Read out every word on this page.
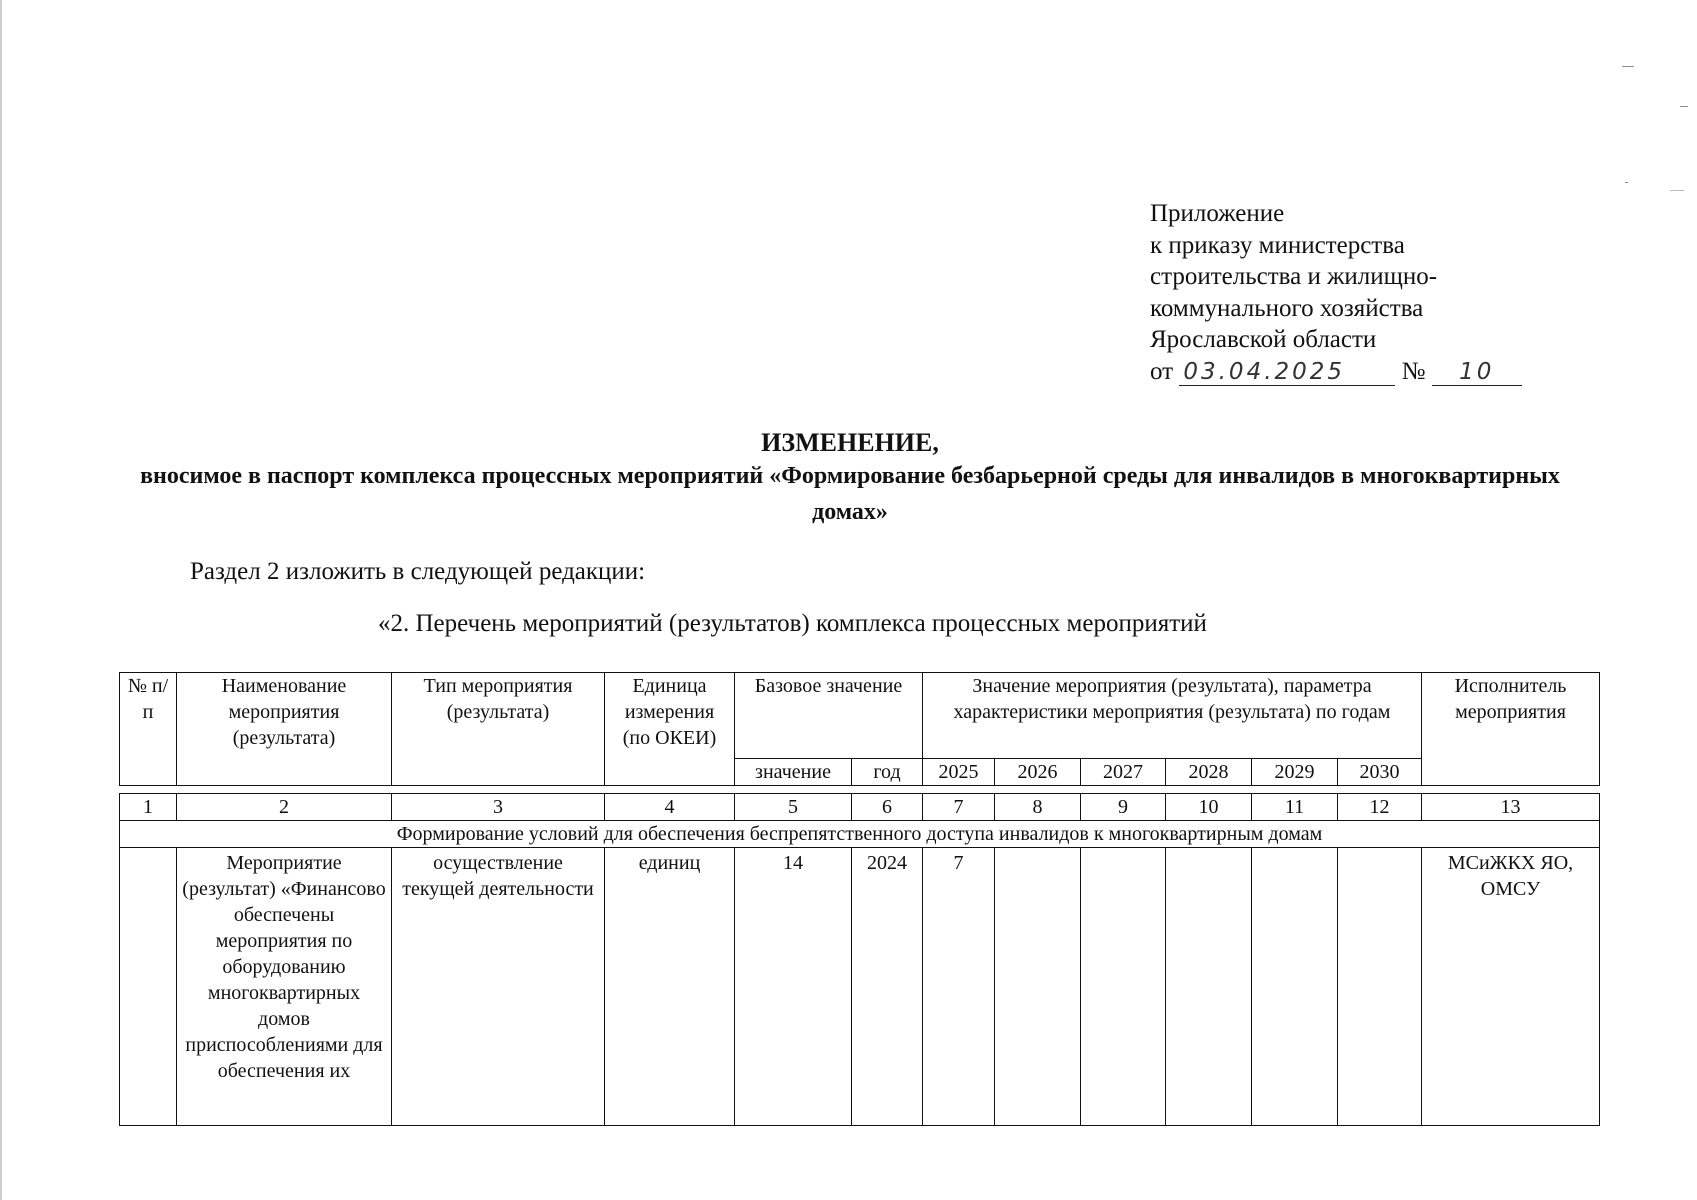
Приложение
к приказу министерства
строительства и жилищно-
коммунального хозяйства
Ярославской области
от 03.04.2025 № 10
ИЗМЕНЕНИЕ,
вносимое в паспорт комплекса процессных мероприятий «Формирование безбарьерной среды для инвалидов в многоквартирных домах»
Раздел 2 изложить в следующей редакции:
«2. Перечень мероприятий (результатов) комплекса процессных мероприятий
№ п/п	Наименование мероприятия (результата)	Тип мероприятия (результата)	Единица измерения (по ОКЕИ)	Базовое значение		Значение мероприятия (результата), параметра характеристики мероприятия (результата) по годам						Исполнитель мероприятия
				значение	год	2025	2026	2027	2028	2029	2030	
1	2	3	4	5	6	7	8	9	10	11	12	13
Формирование условий для обеспечения беспрепятственного доступа инвалидов к многоквартирным домам												
	Мероприятие (результат) «Финансово обеспечены мероприятия по оборудованию многоквартирных домов приспособлениями для обеспечения их	осуществление текущей деятельности	единиц	14	2024	7						МСиЖКХ ЯО, ОМСУ
